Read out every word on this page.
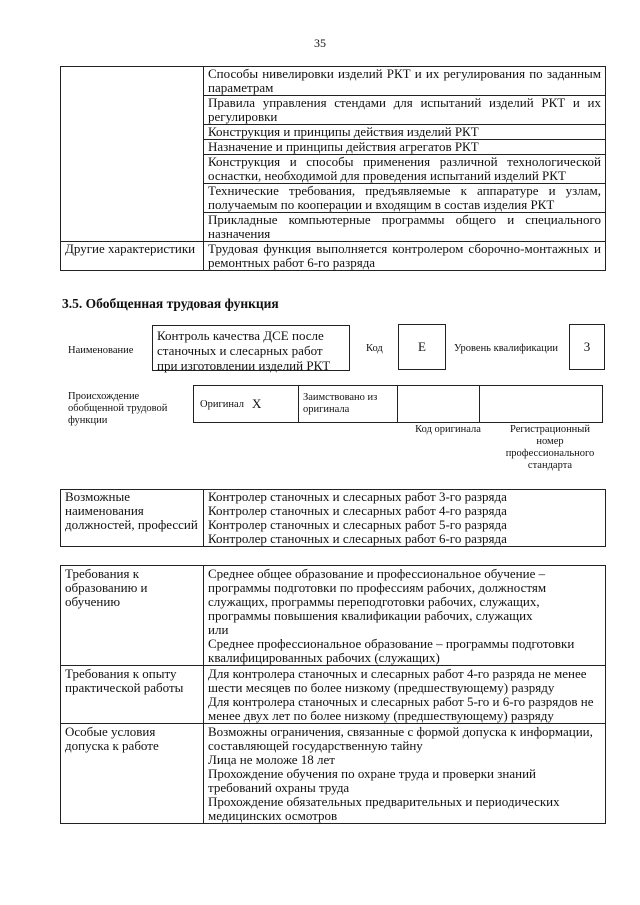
35
	Способы нивелировки изделий РКТ и их регулирования по заданным параметрам
	Правила управления стендами для испытаний изделий РКТ и их регулировки
	Конструкция и принципы действия изделий РКТ
	Назначение и принципы действия агрегатов РКТ
	Конструкция и способы применения различной технологической оснастки, необходимой для проведения испытаний изделий РКТ
	Технические требования, предъявляемые к аппаратуре и узлам, получаемым по кооперации и входящим в состав изделия РКТ
	Прикладные компьютерные программы общего и специального назначения
Другие характеристики	Трудовая функция выполняется контролером сборочно-монтажных и ремонтных работ 6-го разряда
3.5. Обобщенная трудовая функция
Наименование
Контроль качества ДСЕ после станочных и слесарных работ при изготовлении изделий РКТ
Код	E	Уровень квалификации	3
Происхождение обобщенной трудовой функции
Оригинал X	Заимствовано из оригинала
Код оригинала	Регистрационный номер профессионального стандарта
Возможные наименования должностей, профессий	
Контролер станочных и слесарных работ 3-го разряда
Контролер станочных и слесарных работ 4-го разряда
Контролер станочных и слесарных работ 5-го разряда
Контролер станочных и слесарных работ 6-го разряда
Требования к образованию и обучению	Среднее общее образование и профессиональное обучение – программы подготовки по профессиям рабочих, должностям служащих, программы переподготовки рабочих, служащих, программы повышения квалификации рабочих, служащих
или
Среднее профессиональное образование – программы подготовки квалифицированных рабочих (служащих)

Требования к опыту практической работы	Для контролера станочных и слесарных работ 4-го разряда не менее шести месяцев по более низкому (предшествующему) разряду
Для контролера станочных и слесарных работ 5-го и 6-го разрядов не менее двух лет по более низкому (предшествующему) разряду

Особые условия допуска к работе	Возможны ограничения, связанные с формой допуска к информации, составляющей государственную тайну
Лица не моложе 18 лет
Прохождение обучения по охране труда и проверки знаний требований охраны труда
Прохождение обязательных предварительных и периодических медицинских осмотров
